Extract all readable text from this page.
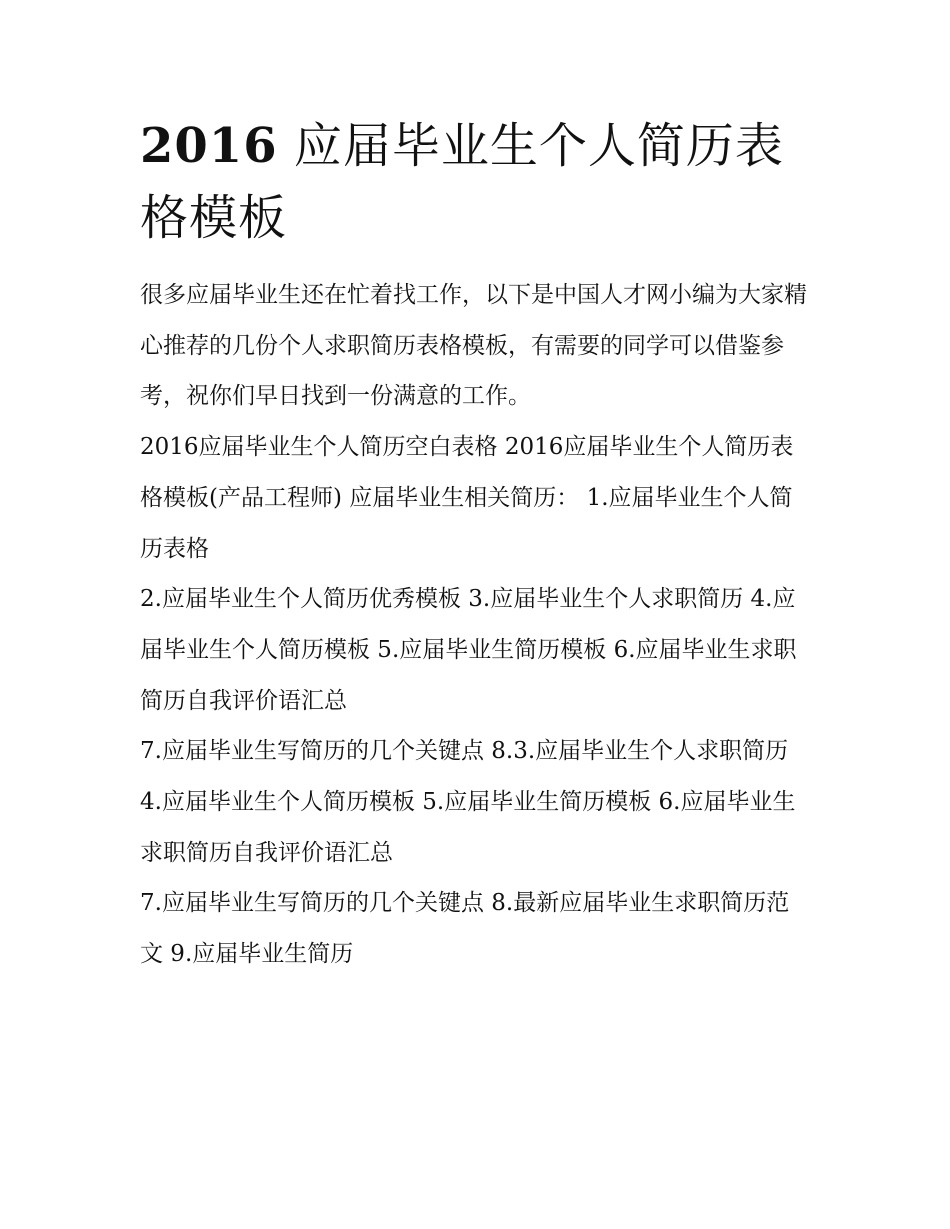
2016 应届毕业生个人简历表格模板

很多应届毕业生还在忙着找工作，以下是中国人才网小编为大家精心推荐的几份个人求职简历表格模板，有需要的同学可以借鉴参考，祝你们早日找到一份满意的工作。

2016应届毕业生个人简历空白表格 2016应届毕业生个人简历表格模板(产品工程师) 应届毕业生相关简历： 1.应届毕业生个人简历表格

2.应届毕业生个人简历优秀模板 3.应届毕业生个人求职简历 4.应届毕业生个人简历模板 5.应届毕业生简历模板 6.应届毕业生求职简历自我评价语汇总

7.应届毕业生写简历的几个关键点 8.3.应届毕业生个人求职简历 4.应届毕业生个人简历模板 5.应届毕业生简历模板 6.应届毕业生求职简历自我评价语汇总

7.应届毕业生写简历的几个关键点 8.最新应届毕业生求职简历范文 9.应届毕业生简历
